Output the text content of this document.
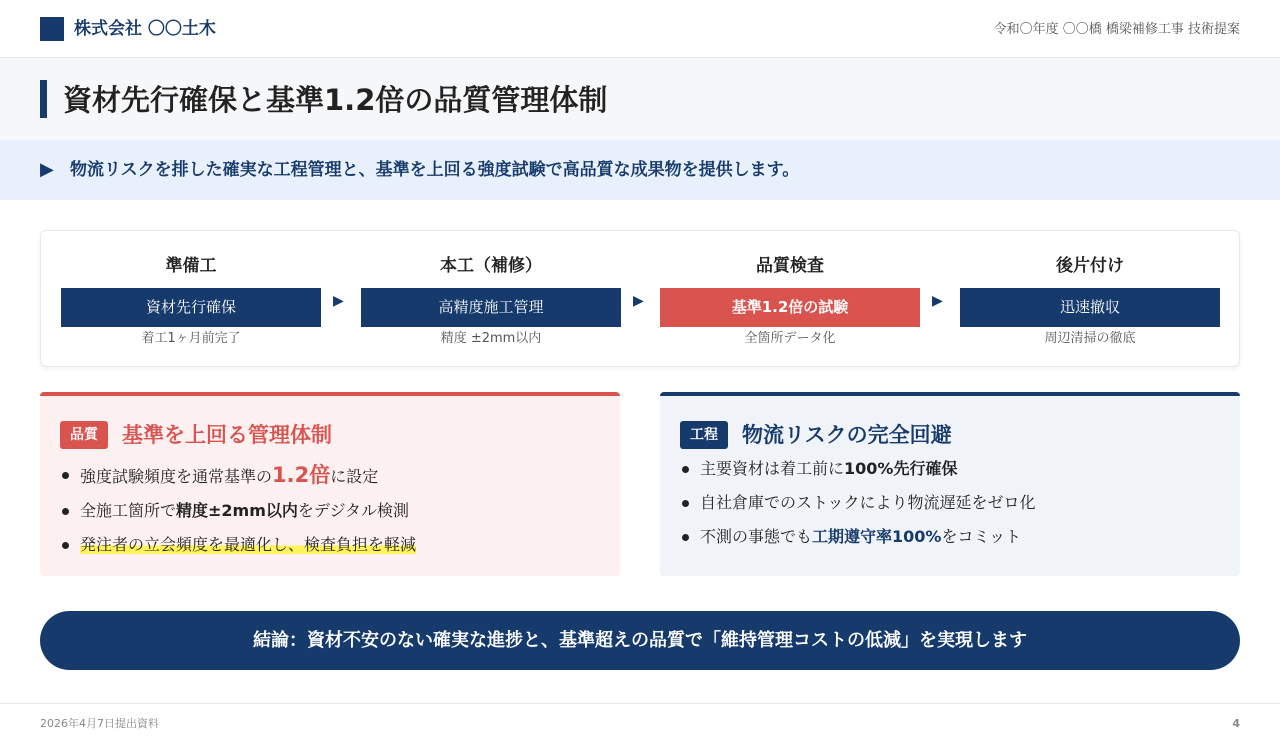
株式会社 〇〇土木	令和〇年度 〇〇橋 橋梁補修工事 技術提案
資材先行確保と基準1.2倍の品質管理体制
▶ 物流リスクを排した確実な工程管理と、基準を上回る強度試験で高品質な成果物を提供します。
準備工
資材先行確保
着工1ヶ月前完了
▶
本工（補修）
高精度施工管理
精度 ±2mm以内
▶
品質検査
基準1.2倍の試験
全箇所データ化
▶
後片付け
迅速撤収
周辺清掃の徹底
品質	基準を上回る管理体制
強度試験頻度を通常基準の1.2倍に設定
全施工箇所で精度±2mm以内をデジタル検測
発注者の立会頻度を最適化し、検査負担を軽減
工程	物流リスクの完全回避
主要資材は着工前に100%先行確保
自社倉庫でのストックにより物流遅延をゼロ化
不測の事態でも工期遵守率100%をコミット
結論：資材不安のない確実な進捗と、基準超えの品質で「維持管理コストの低減」を実現します
2026年4月7日提出資料	4
